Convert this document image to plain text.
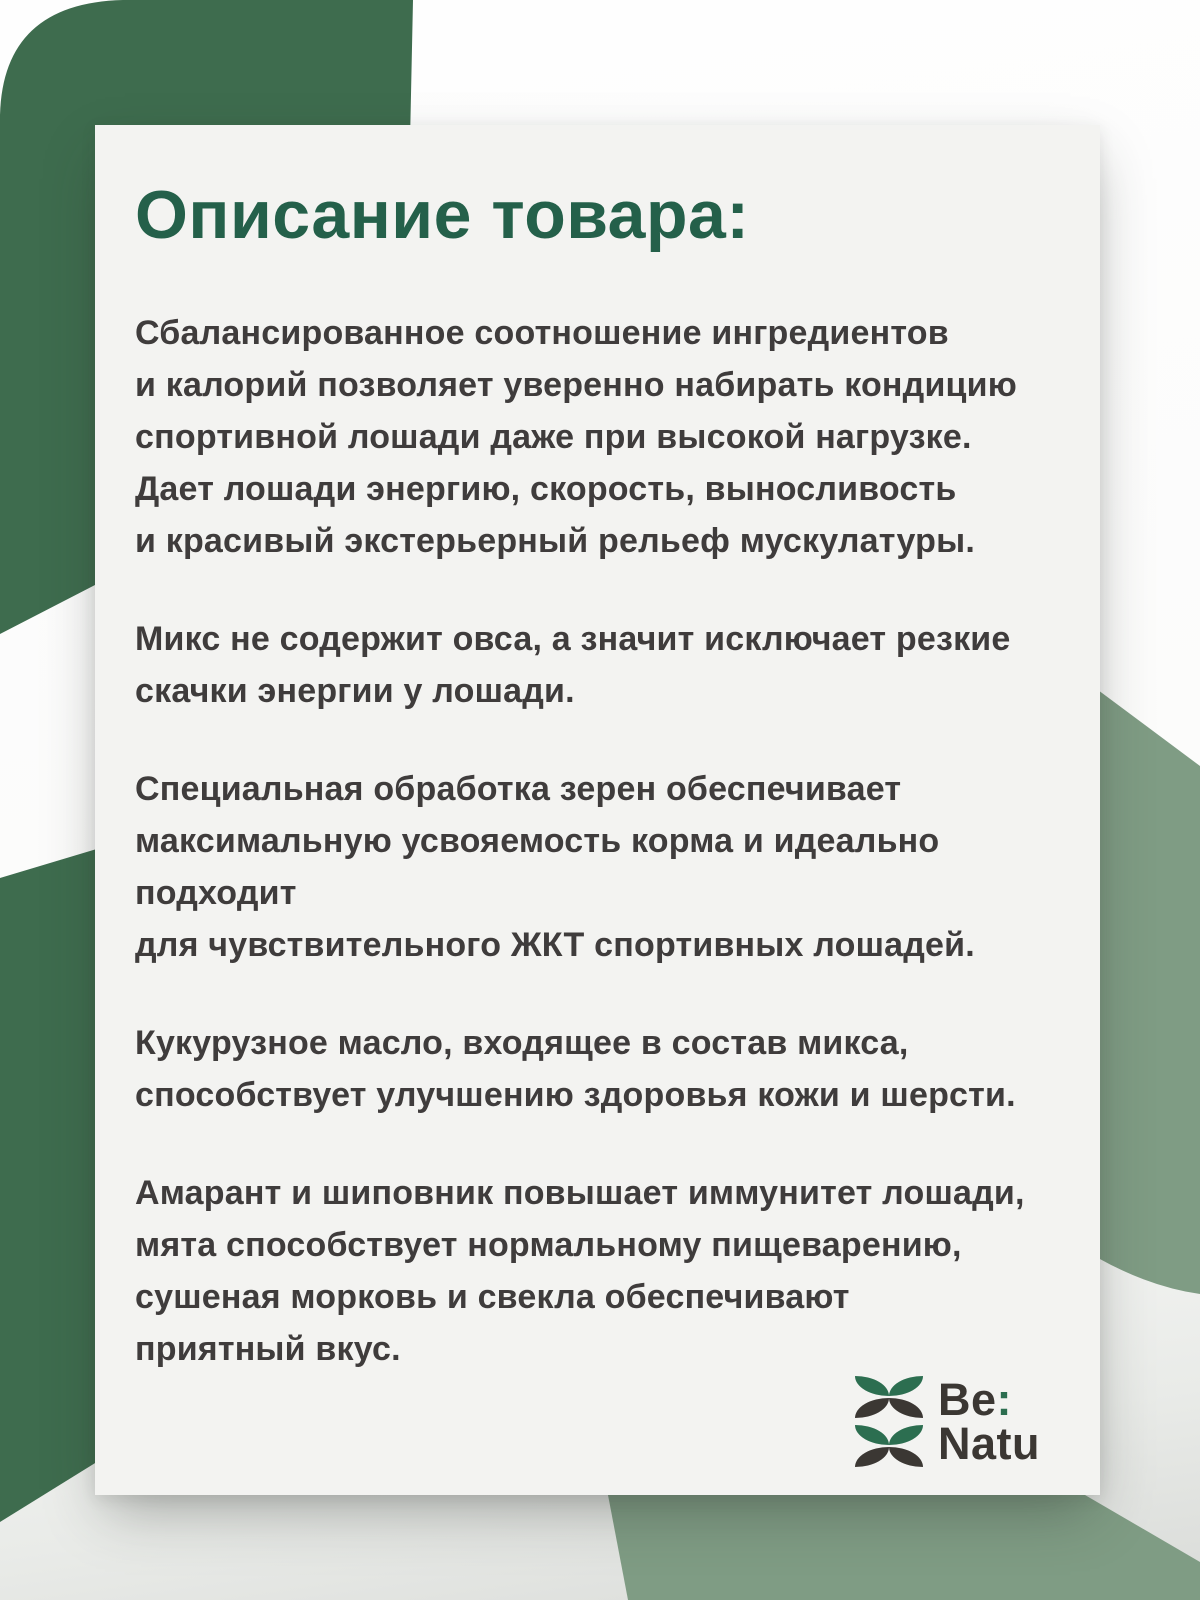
Описание товара:

Сбалансированное соотношение ингредиентов
и калорий позволяет уверенно набирать кондицию
спортивной лошади даже при высокой нагрузке.
Дает лошади энергию, скорость, выносливость
и красивый экстерьерный рельеф мускулатуры.

Микс не содержит овса, а значит исключает резкие
скачки энергии у лошади.

Специальная обработка зерен обеспечивает
максимальную усвояемость корма и идеально подходит
для чувствительного ЖКТ спортивных лошадей.

Кукурузное масло, входящее в состав микса,
способствует улучшению здоровья кожи и шерсти.

Амарант и шиповник повышает иммунитет лошади,
мята способствует нормальному пищеварению,
сушеная морковь и свекла обеспечивают
приятный вкус.

Be:
Natu
